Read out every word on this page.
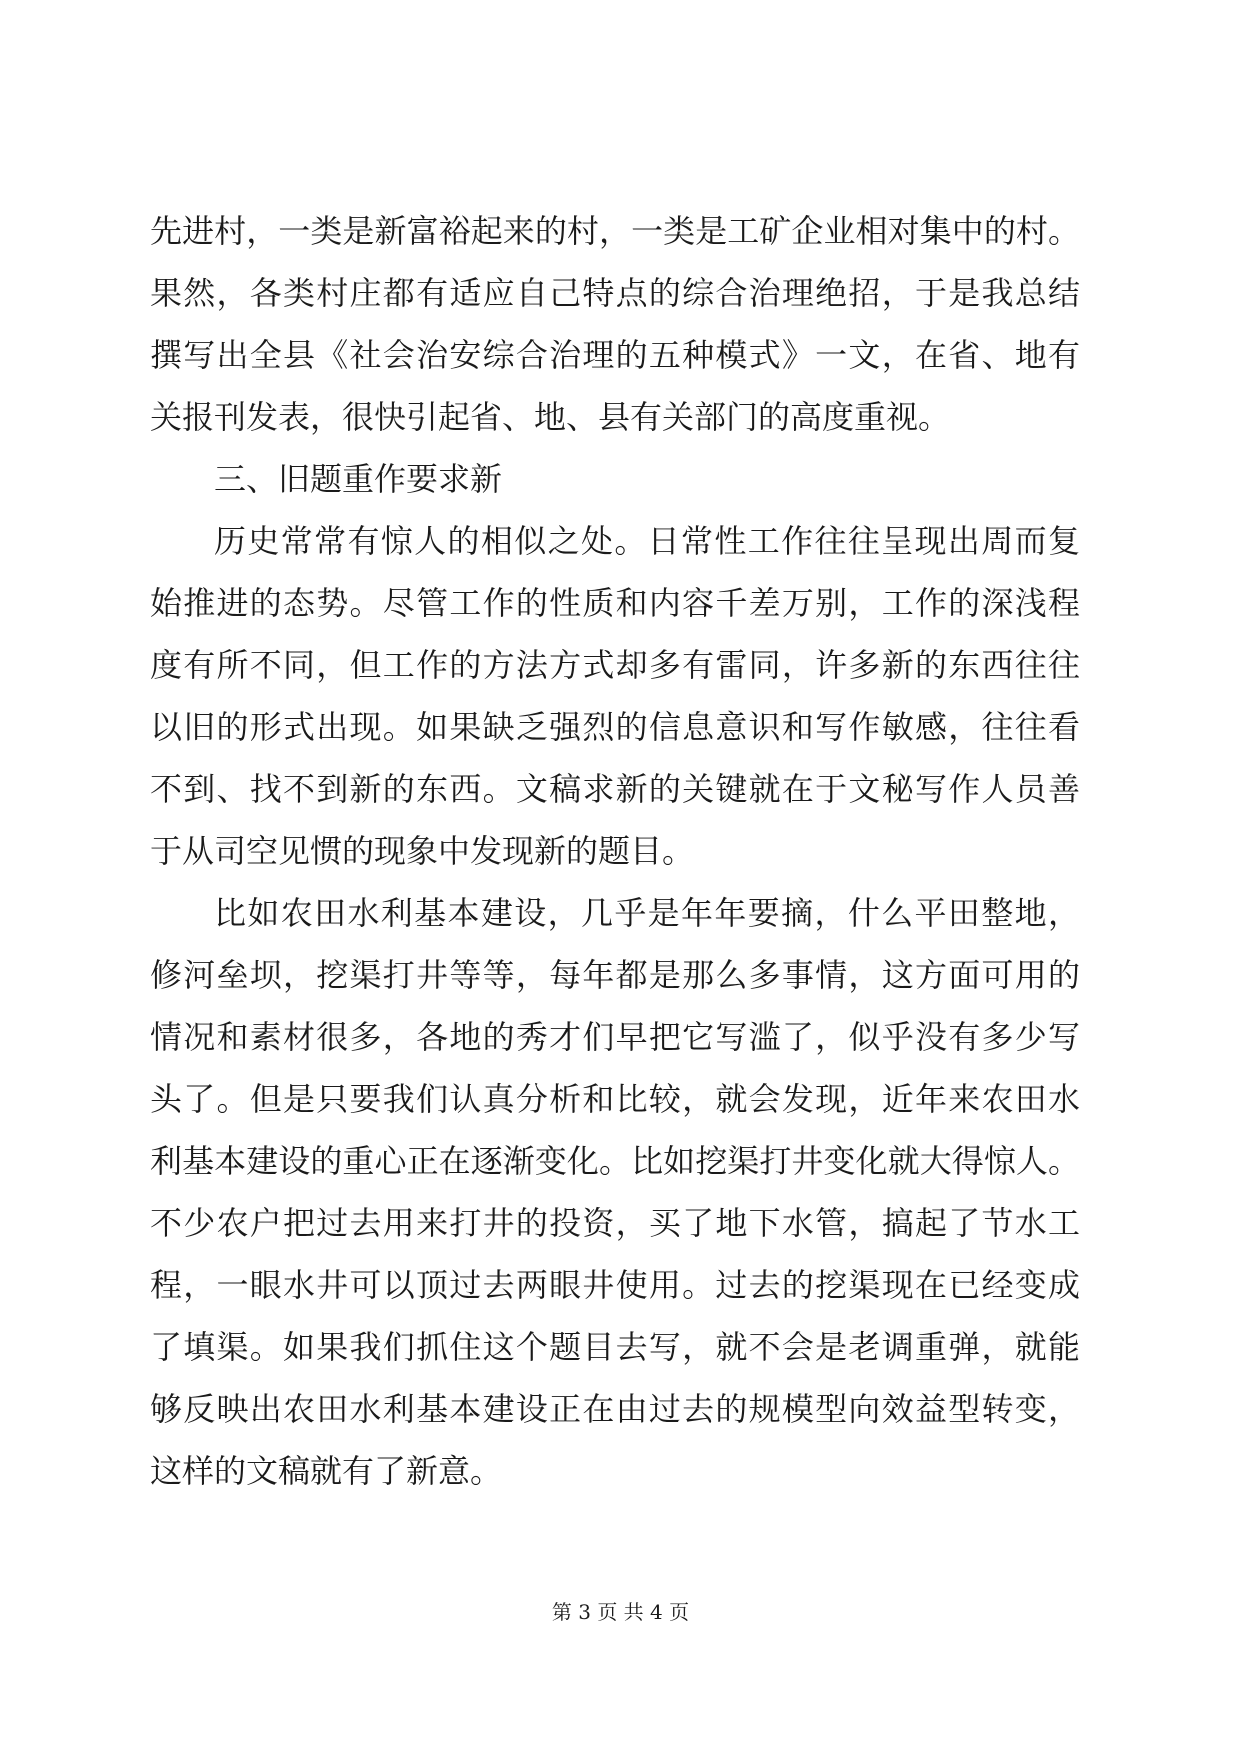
先进村，一类是新富裕起来的村，一类是工矿企业相对集中的村。
果然，各类村庄都有适应自己特点的综合治理绝招，于是我总结
撰写出全县《社会治安综合治理的五种模式》一文，在省、地有
关报刊发表，很快引起省、地、县有关部门的高度重视。
三、旧题重作要求新
历史常常有惊人的相似之处。日常性工作往往呈现出周而复
始推进的态势。尽管工作的性质和内容千差万别，工作的深浅程
度有所不同，但工作的方法方式却多有雷同，许多新的东西往往
以旧的形式出现。如果缺乏强烈的信息意识和写作敏感，往往看
不到、找不到新的东西。文稿求新的关键就在于文秘写作人员善
于从司空见惯的现象中发现新的题目。
比如农田水利基本建设，几乎是年年要摘，什么平田整地，
修河垒坝，挖渠打井等等，每年都是那么多事情，这方面可用的
情况和素材很多，各地的秀才们早把它写滥了，似乎没有多少写
头了。但是只要我们认真分析和比较，就会发现，近年来农田水
利基本建设的重心正在逐渐变化。比如挖渠打井变化就大得惊人。
不少农户把过去用来打井的投资，买了地下水管，搞起了节水工
程，一眼水井可以顶过去两眼井使用。过去的挖渠现在已经变成
了填渠。如果我们抓住这个题目去写，就不会是老调重弹，就能
够反映出农田水利基本建设正在由过去的规模型向效益型转变，
这样的文稿就有了新意。
第 3 页 共 4 页
